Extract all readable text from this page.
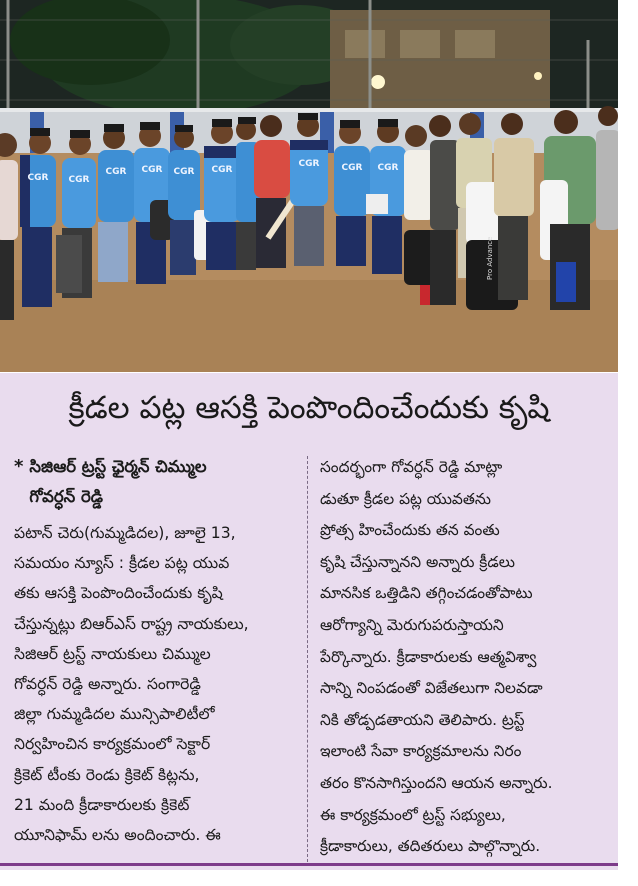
CGR CGR
CGR CGR CGR CGR
CGR CGR CGR
Pro Advance
క్రీడల పట్ల ఆసక్తి పెంపొందించేందుకు కృషి
* సిజిఆర్ ట్రస్ట్ ఛైర్మన్ చిమ్ముల
గోవర్ధన్ రెడ్డి
పటాన్ చెరు(గుమ్మడిదల), జూలై 13,
సమయం న్యూస్ : క్రీడల పట్ల యువ
తకు ఆసక్తి పెంపొందించేందుకు కృషి
చేస్తున్నట్లు బిఆర్ఎస్ రాష్ట్ర నాయకులు,
సిజిఆర్ ట్రస్ట్ నాయకులు చిమ్ముల
గోవర్ధన్ రెడ్డి అన్నారు. సంగారెడ్డి
జిల్లా గుమ్మడిదల మున్సిపాలిటీలో
నిర్వహించిన కార్యక్రమంలో సెక్టార్
క్రికెట్ టీంకు రెండు క్రికెట్ కిట్లను,
21 మంది క్రీడాకారులకు క్రికెట్
యూనిఫామ్ లను అందించారు. ఈ
సందర్భంగా గోవర్ధన్ రెడ్డి మాట్లా
డుతూ క్రీడల పట్ల యువతను
ప్రోత్స హించేందుకు తన వంతు
కృషి చేస్తున్నానని అన్నారు క్రీడలు
మానసిక ఒత్తిడిని తగ్గించడంతోపాటు
ఆరోగ్యాన్ని మెరుగుపరుస్తాయని
పేర్కొన్నారు. క్రీడాకారులకు ఆత్మవిశ్వా
సాన్ని నింపడంతో విజేతలుగా నిలవడా
నికి తోడ్పడతాయని తెలిపారు. ట్రస్ట్
ఇలాంటి సేవా కార్యక్రమాలను నిరం
తరం కొనసాగిస్తుందని ఆయన అన్నారు.
ఈ కార్యక్రమంలో ట్రస్ట్ సభ్యులు,
క్రీడాకారులు, తదితరులు పాల్గొన్నారు.
